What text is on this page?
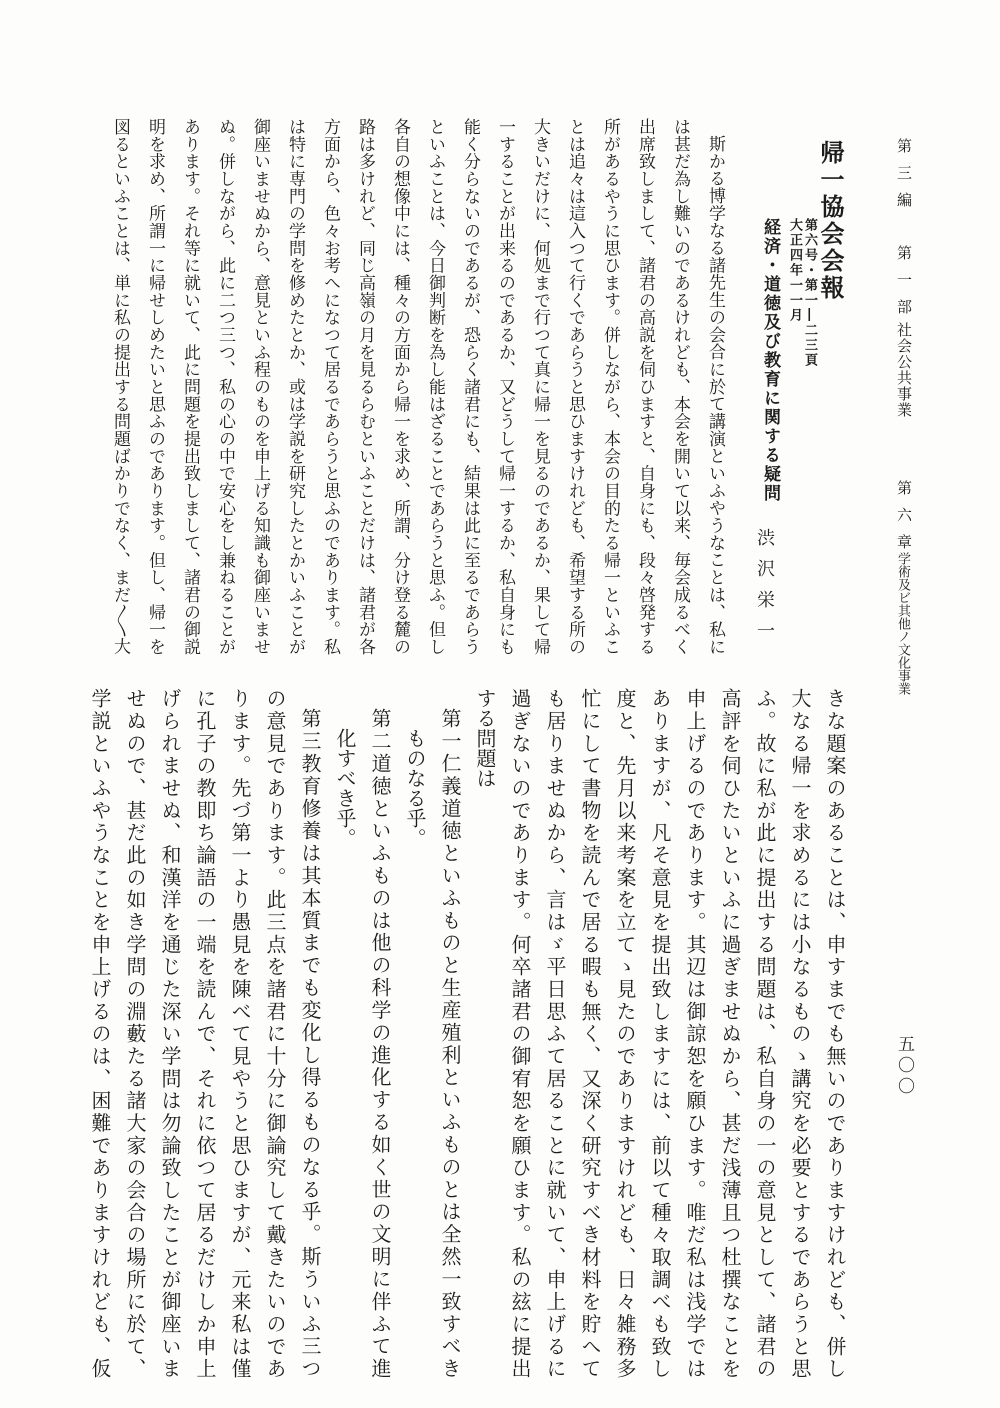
第三編
第一部
社会公共事業
第六章
学術及ビ其他ノ文化事業
五〇〇
帰一協会会報
第六号・第一―二三頁
大正四年一一月
経済・道徳及び教育に関する疑問
渋沢栄一
斯かる博学なる諸先生の会合に於て講演といふやうなことは、私に
は甚だ為し難いのであるけれども、本会を開いて以来、毎会成るべく
出席致しまして、諸君の高説を伺ひますと、自身にも、段々啓発する
所があるやうに思ひます。併しながら、本会の目的たる帰一といふこ
とは追々は這入つて行くであらうと思ひますけれども、希望する所の
大きいだけに、何処まで行つて真に帰一を見るのであるか、果して帰
一することが出来るのであるか、又どうして帰一するか、私自身にも
能く分らないのであるが、恐らく諸君にも、結果は此に至るであらう
といふことは、今日御判断を為し能はざることであらうと思ふ。但し
各自の想像中には、種々の方面から帰一を求め、所謂、分け登る麓の
路は多けれど、同じ高嶺の月を見るらむといふことだけは、諸君が各
方面から、色々お考へになつて居るであらうと思ふのであります。私
は特に専門の学問を修めたとか、或は学説を研究したとかいふことが
御座いませぬから、意見といふ程のものを申上げる知識も御座いませ
ぬ。併しながら、此に二つ三つ、私の心の中で安心をし兼ねることが
あります。それ等に就いて、此に問題を提出致しまして、諸君の御説
明を求め、所謂一に帰せしめたいと思ふのであります。但し、帰一を
図るといふことは、単に私の提出する問題ばかりでなく、まだ〳〵大
きな題案のあることは、申すまでも無いのでありますけれども、併し
大なる帰一を求めるには小なるものゝ講究を必要とするであらうと思
ふ。故に私が此に提出する問題は、私自身の一の意見として、諸君の
高評を伺ひたいといふに過ぎませぬから、甚だ浅薄且つ杜撰なことを
申上げるのであります。其辺は御諒恕を願ひます。唯だ私は浅学では
ありますが、凡そ意見を提出致しますには、前以て種々取調べも致し
度と、先月以来考案を立てゝ見たのでありますけれども、日々雑務多
忙にして書物を読んで居る暇も無く、又深く研究すべき材料を貯へて
も居りませぬから、言はゞ平日思ふて居ることに就いて、申上げるに
過ぎないのであります。何卒諸君の御宥恕を願ひます。私の玆に提出
する問題は
第一仁義道徳といふものと生産殖利といふものとは全然一致すべき
ものなる乎。
第二道徳といふものは他の科学の進化する如く世の文明に伴ふて進
化すべき乎。
第三教育修養は其本質までも変化し得るものなる乎。斯ういふ三つ
の意見であります。此三点を諸君に十分に御論究して戴きたいのであ
ります。先づ第一より愚見を陳べて見やうと思ひますが、元来私は僅
に孔子の教即ち論語の一端を読んで、それに依つて居るだけしか申上
げられませぬ、和漢洋を通じた深い学問は勿論致したことが御座いま
せぬので、甚だ此の如き学問の淵藪たる諸大家の会合の場所に於て、
学説といふやうなことを申上げるのは、困難でありますけれども、仮
